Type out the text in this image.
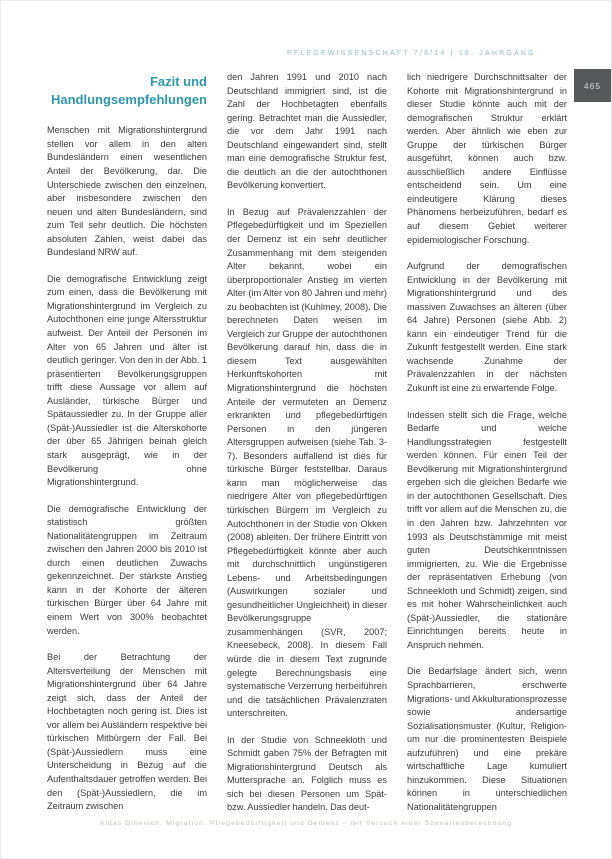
PFLEGEWISSENSCHAFT 7/8/14 | 16. JAHRGANG
465
Fazit und Handlungsempfehlungen

Menschen mit Migrationshintergrund stellen vor allem in den alten Bundesländern einen wesentlichen Anteil der Bevölkerung, dar. Die Unterschiede zwischen den einzelnen, aber insbesondere zwischen den neuen und alten Bundesländern, sind zum Teil sehr deutlich. Die höchsten absoluten Zahlen, weist dabei das Bundesland NRW auf.

Die demografische Entwicklung zeigt zum einen, dass die Bevölkerung mit Migrationshintergrund im Vergleich zu Autochthonen eine junge Altersstruktur aufweist. Der Anteil der Personen im Alter von 65 Jahren und älter ist deutlich geringer. Von den in der Abb. 1 präsentierten Bevölkerungsgruppen trifft diese Aussage vor allem auf Ausländer, türkische Bürger und Spätaussiedler zu. In der Gruppe aller (Spät-)Aussiedler ist die Alterskohorte der über 65 Jährigen beinah gleich stark ausgeprägt, wie in der Bevölkerung ohne Migrationshintergrund.

Die demografische Entwicklung der statistisch größten Nationalitätengruppen im Zeitraum zwischen den Jahren 2000 bis 2010 ist durch einen deutlichen Zuwachs gekennzeichnet. Der stärkste Anstieg kann in der Kohorte der älteren türkischen Bürger über 64 Jahre mit einem Wert von 300% beobachtet werden.

Bei der Betrachtung der Altersverteilung der Menschen mit Migrationshintergrund über 64 Jahre zeigt sich, dass der Anteil der Hochbetagten noch gering ist. Dies ist vor allem bei Ausländern respektive bei türkischen Mitbürgern der Fall. Bei (Spät-)Aussiedlern muss eine Unterscheidung in Bezug auf die Aufenthaltsdauer getroffen werden. Bei den (Spät-)Aussiedlern, die im Zeitraum zwischen

den Jahren 1991 und 2010 nach Deutschland immigriert sind, ist die Zahl der Hochbetagten ebenfalls gering. Betrachtet man die Aussiedler, die vor dem Jahr 1991 nach Deutschland eingewandert sind, stellt man eine demografische Struktur fest, die deutlich an die der autochthonen Bevölkerung konvertiert.

In Bezug auf Prävalenzzahlen der Pflegebedürftigkeit und im Speziellen der Demenz ist ein sehr deutlicher Zusammenhang mit dem steigenden Alter bekannt, wobei ein überproportionaler Anstieg im vierten Alter (im Alter von 80 Jahren und mehr) zu beobachten ist (Kuhlmey, 2008). Die berechneten Daten weisen im Vergleich zur Gruppe der autochthonen Bevölkerung darauf hin, dass die in diesem Text ausgewählten Herkunftskohorten mit Migrationshintergrund die höchsten Anteile der vermuteten an Demenz erkrankten und pflegebedürftigen Personen in den jüngeren Altersgruppen aufweisen (siehe Tab. 3-7). Besonders auffallend ist dies für türkische Bürger feststellbar. Daraus kann man möglicherweise das niedrigere Alter von pflegebedürftigen türkischen Bürgern im Vergleich zu Autochthonen in der Studie von Okken (2008) ableiten. Der frühere Eintritt von Pflegebedürftigkeit könnte aber auch mit durchschnittlich ungünstigeren Lebens- und Arbeitsbedingungen (Auswirkungen sozialer und gesundheitlicher Ungleichheit) in dieser Bevölkerungsgruppe zusammenhängen (SVR, 2007; Kneesebeck, 2008). In diesem Fall würde die in diesem Text zugrunde gelegte Berechnungsbasis eine systematische Verzerrung herbeiführen und die tatsächlichen Prävalenzraten unterschreiten.

In der Studie von Schneekloth und Schmidt gaben 75% der Befragten mit Migrationshintergrund Deutsch als Muttersprache an. Folglich muss es sich bei diesen Personen um Spät- bzw. Aussiedler handeln. Das deut-

lich niedrigere Durchschnittsalter der Kohorte mit Migrationshintergrund in dieser Studie könnte auch mit der demografischen Struktur erklärt werden. Aber ähnlich wie eben zur Gruppe der türkischen Bürger ausgeführt, können auch bzw. ausschließlich andere Einflüsse entscheidend sein. Um eine eindeutigere Klärung dieses Phänomens herbeizuführen, bedarf es auf diesem Gebiet weiterer epidemiologischer Forschung.

Aufgrund der demografischen Entwicklung in der Bevölkerung mit Migrationshintergrund und des massiven Zuwachses an älteren (über 64 Jahre) Personen (siehe Abb. 2) kann ein eindeutiger Trend für die Zukunft festgestellt werden. Eine stark wachsende Zunahme der Prävalenzzahlen in der nächsten Zukunft ist eine zu erwartende Folge.

Indessen stellt sich die Frage, welche Bedarfe und welche Handlungsstrategien festgestellt werden können. Für einen Teil der Bevölkerung mit Migrationshintergrund ergeben sich die gleichen Bedarfe wie in der autochthonen Gesellschaft. Dies trifft vor allem auf die Menschen zu, die in den Jahren bzw. Jahrzehnten vor 1993 als Deutschstämmige mit meist guten Deutschkenntnissen immigrierten, zu. Wie die Ergebnisse der repräsentativen Erhebung (von Schneekloth und Schmidt) zeigen, sind es mit hoher Wahrscheinlichkeit auch (Spät-)Aussiedler, die stationäre Einrichtungen bereits heute in Anspruch nehmen.

Die Bedarfslage ändert sich, wenn Sprachbarrieren, erschwerte Migrations- und Akkulturationsprozesse sowie andersartige Sozialisationsmuster (Kultur, Religion- um nur die prominentesten Beispiele aufzuführen) und eine prekäre wirtschaftliche Lage kumuliert hinzukommen. Diese Situationen können in unterschiedlichen Nationalitätengruppen

Aldas Dinevich: Migration, Pflegebedürftigkeit und Demenz – mit Versuch einer Szenarienberechnung
